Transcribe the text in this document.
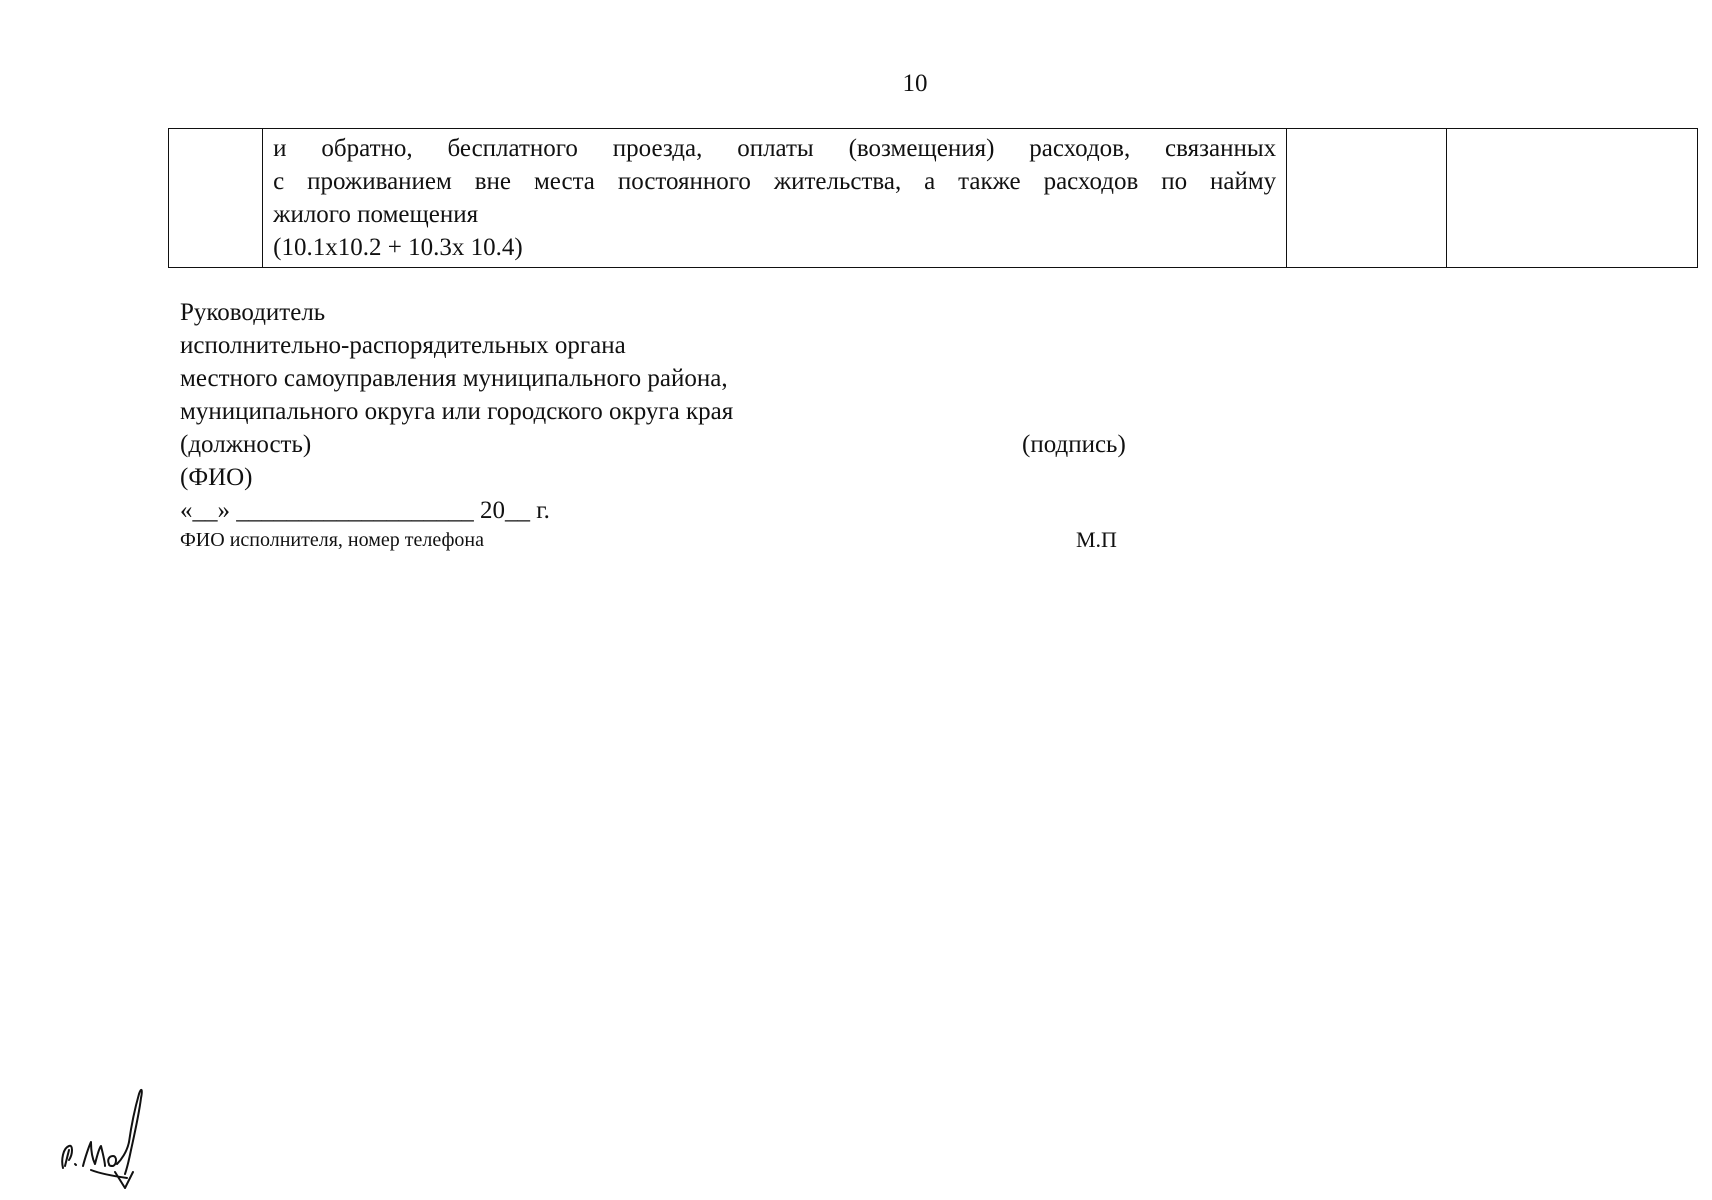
10

и обратно, бесплатного проезда, оплаты (возмещения) расходов, связанных
с проживанием вне места постоянного жительства, а также расходов по найму
жилого помещения
(10.1x10.2 + 10.3x 10.4)

Руководитель
исполнительно-распорядительных органа
местного самоуправления муниципального района,
муниципального округа или городского округа края
(должность)	(подпись)
(ФИО)
«__» ___________________ 20__ г.
ФИО исполнителя, номер телефона	М.П
